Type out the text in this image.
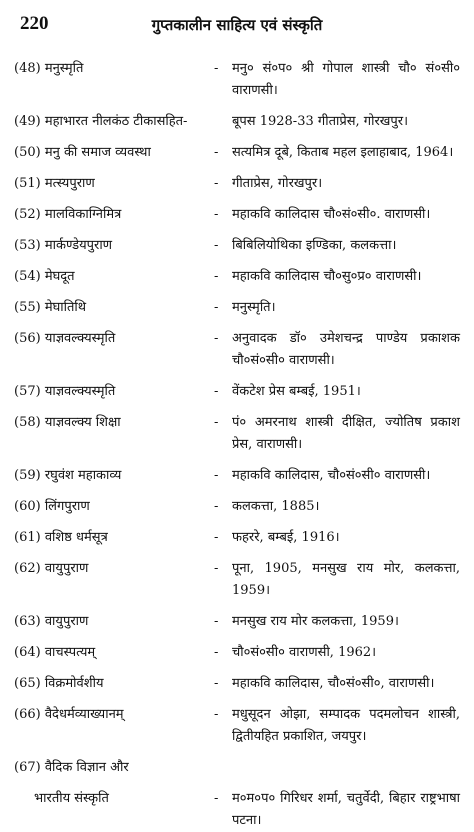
220	गुप्तकालीन साहित्य एवं संस्कृति
(48) मनुस्मृति	- मनु० सं०प० श्री गोपाल शास्त्री चौ० सं०सी० वाराणसी।
(49) महाभारत नीलकंठ टीकासहित-	बूपस 1928-33 गीताप्रेस, गोरखपुर।
(50) मनु की समाज व्यवस्था	- सत्यमित्र दूबे, किताब महल इलाहाबाद, 1964।
(51) मत्स्यपुराण	- गीताप्रेस, गोरखपुर।
(52) मालविकाग्निमित्र	- महाकवि कालिदास चौ०सं०सी०. वाराणसी।
(53) मार्कण्डेयपुराण	- बिबिलियोथिका इण्डिका, कलकत्ता।
(54) मेघदूत	- महाकवि कालिदास चौ०सु०प्र० वाराणसी।
(55) मेघातिथि	- मनुस्मृति।
(56) याज्ञवल्क्यस्मृति	- अनुवादक डॉ० उमेशचन्द्र पाण्डेय प्रकाशक चौ०सं०सी० वाराणसी।
(57) याज्ञवल्क्यस्मृति	- वेंकटेश प्रेस बम्बई, 1951।
(58) याज्ञवल्क्य शिक्षा	- पं० अमरनाथ शास्त्री दीक्षित, ज्योतिष प्रकाश प्रेस, वाराणसी।
(59) रघुवंश महाकाव्य	- महाकवि कालिदास, चौ०सं०सी० वाराणसी।
(60) लिंगपुराण	- कलकत्ता, 1885।
(61) वशिष्ठ धर्मसूत्र	- फहररे, बम्बई, 1916।
(62) वायुपुराण	- पूना, 1905, मनसुख राय मोर, कलकत्ता, 1959।
(63) वायुपुराण	- मनसुख राय मोर कलकत्ता, 1959।
(64) वाचस्पत्यम्	- चौ०सं०सी० वाराणसी, 1962।
(65) विक्रमोर्वशीय	- महाकवि कालिदास, चौ०सं०सी०, वाराणसी।
(66) वैदेधर्मव्याख्यानम्	- मधुसूदन ओझा, सम्पादक पदमलोचन शास्त्री, द्वितीयहित प्रकाशित, जयपुर।
(67) वैदिक विज्ञान और

भारतीय संस्कृति	- म०म०प० गिरिधर शर्मा, चतुर्वेदी, बिहार राष्ट्रभाषा पटना।
